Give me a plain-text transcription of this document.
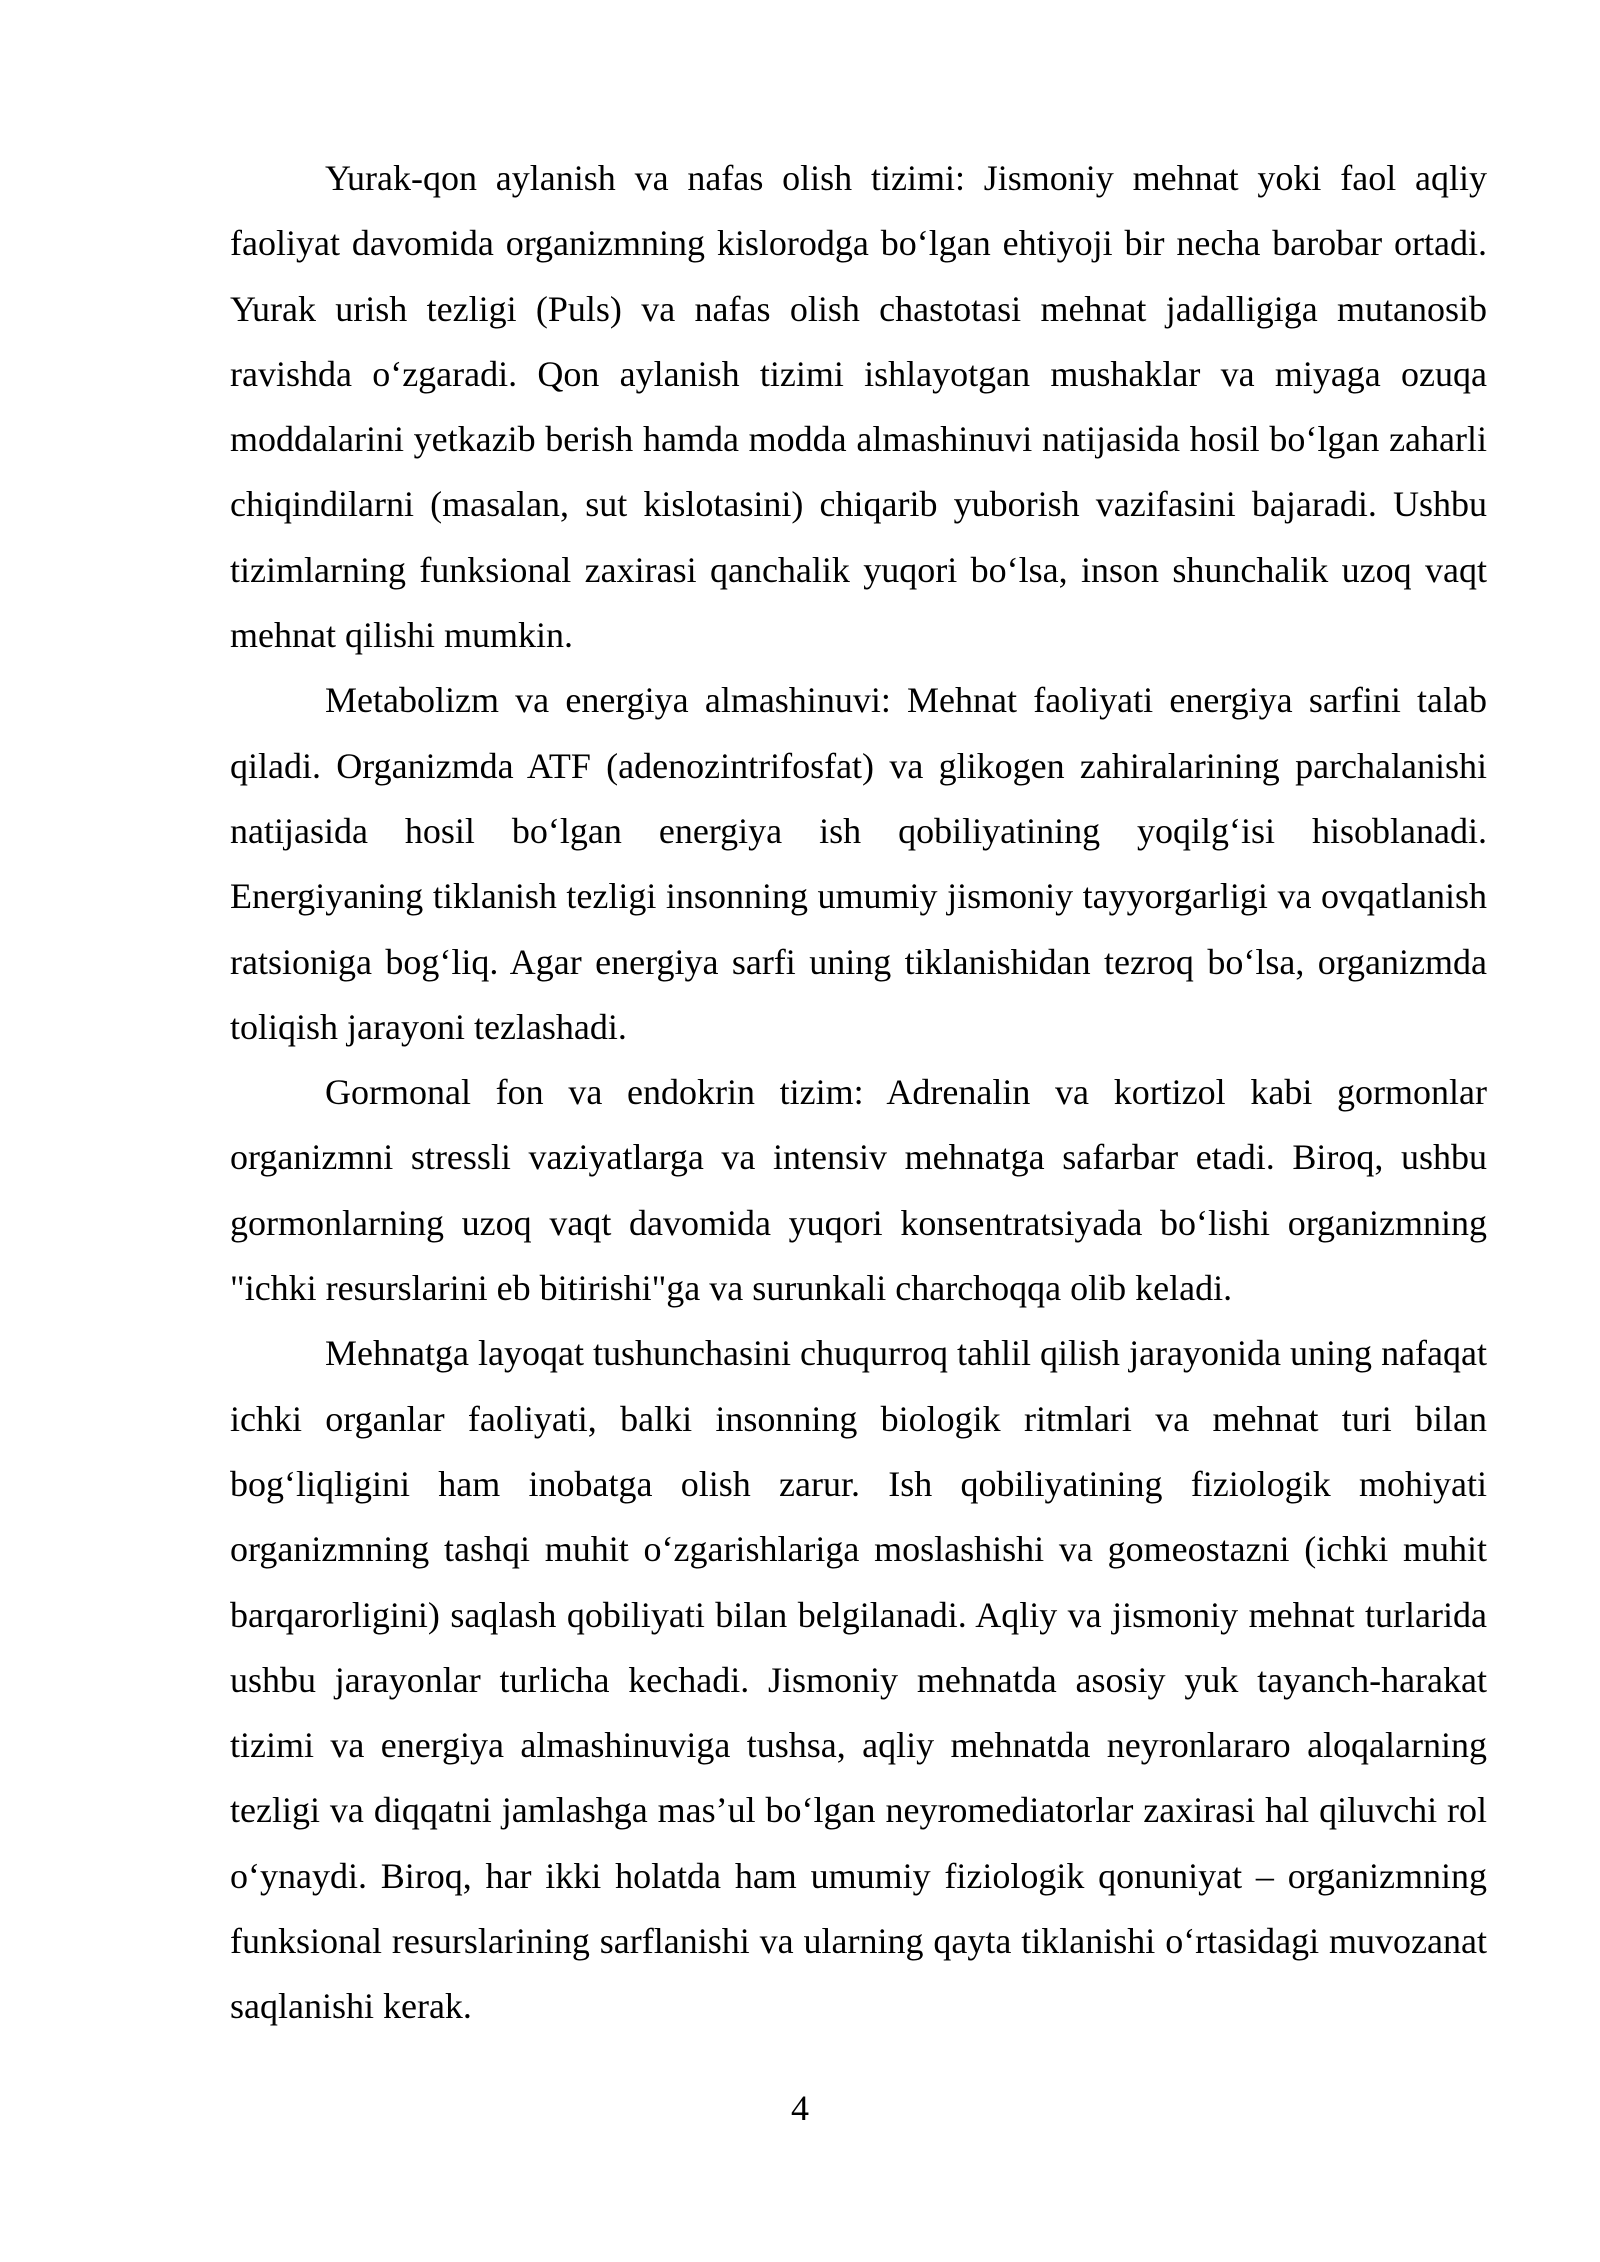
Yurak-qon aylanish va nafas olish tizimi: Jismoniy mehnat yoki faol aqliy faoliyat davomida organizmning kislorodga bo‘lgan ehtiyoji bir necha barobar ortadi. Yurak urish tezligi (Puls) va nafas olish chastotasi mehnat jadalligiga mutanosib ravishda o‘zgaradi. Qon aylanish tizimi ishlayotgan mushaklar va miyaga ozuqa moddalarini yetkazib berish hamda modda almashinuvi natijasida hosil bo‘lgan zaharli chiqindilarni (masalan, sut kislotasini) chiqarib yuborish vazifasini bajaradi. Ushbu tizimlarning funksional zaxirasi qanchalik yuqori bo‘lsa, inson shunchalik uzoq vaqt mehnat qilishi mumkin.

Metabolizm va energiya almashinuvi: Mehnat faoliyati energiya sarfini talab qiladi. Organizmda ATF (adenozintrifosfat) va glikogen zahiralarining parchalanishi natijasida hosil bo‘lgan energiya ish qobiliyatining yoqilg‘isi hisoblanadi. Energiyaning tiklanish tezligi insonning umumiy jismoniy tayyorgarligi va ovqatlanish ratsioniga bog‘liq. Agar energiya sarfi uning tiklanishidan tezroq bo‘lsa, organizmda toliqish jarayoni tezlashadi.

Gormonal fon va endokrin tizim: Adrenalin va kortizol kabi gormonlar organizmni stressli vaziyatlarga va intensiv mehnatga safarbar etadi. Biroq, ushbu gormonlarning uzoq vaqt davomida yuqori konsentratsiyada bo‘lishi organizmning "ichki resurslarini eb bitirishi"ga va surunkali charchoqqa olib keladi.

Mehnatga layoqat tushunchasini chuqurroq tahlil qilish jarayonida uning nafaqat ichki organlar faoliyati, balki insonning biologik ritmlari va mehnat turi bilan bog‘liqligini ham inobatga olish zarur. Ish qobiliyatining fiziologik mohiyati organizmning tashqi muhit o‘zgarishlariga moslashishi va gomeostazni (ichki muhit barqarorligini) saqlash qobiliyati bilan belgilanadi. Aqliy va jismoniy mehnat turlarida ushbu jarayonlar turlicha kechadi. Jismoniy mehnatda asosiy yuk tayanch-harakat tizimi va energiya almashinuviga tushsa, aqliy mehnatda neyronlararo aloqalarning tezligi va diqqatni jamlashga mas’ul bo‘lgan neyromediatorlar zaxirasi hal qiluvchi rol o‘ynaydi. Biroq, har ikki holatda ham umumiy fiziologik qonuniyat – organizmning funksional resurslarining sarflanishi va ularning qayta tiklanishi o‘rtasidagi muvozanat saqlanishi kerak.

4
